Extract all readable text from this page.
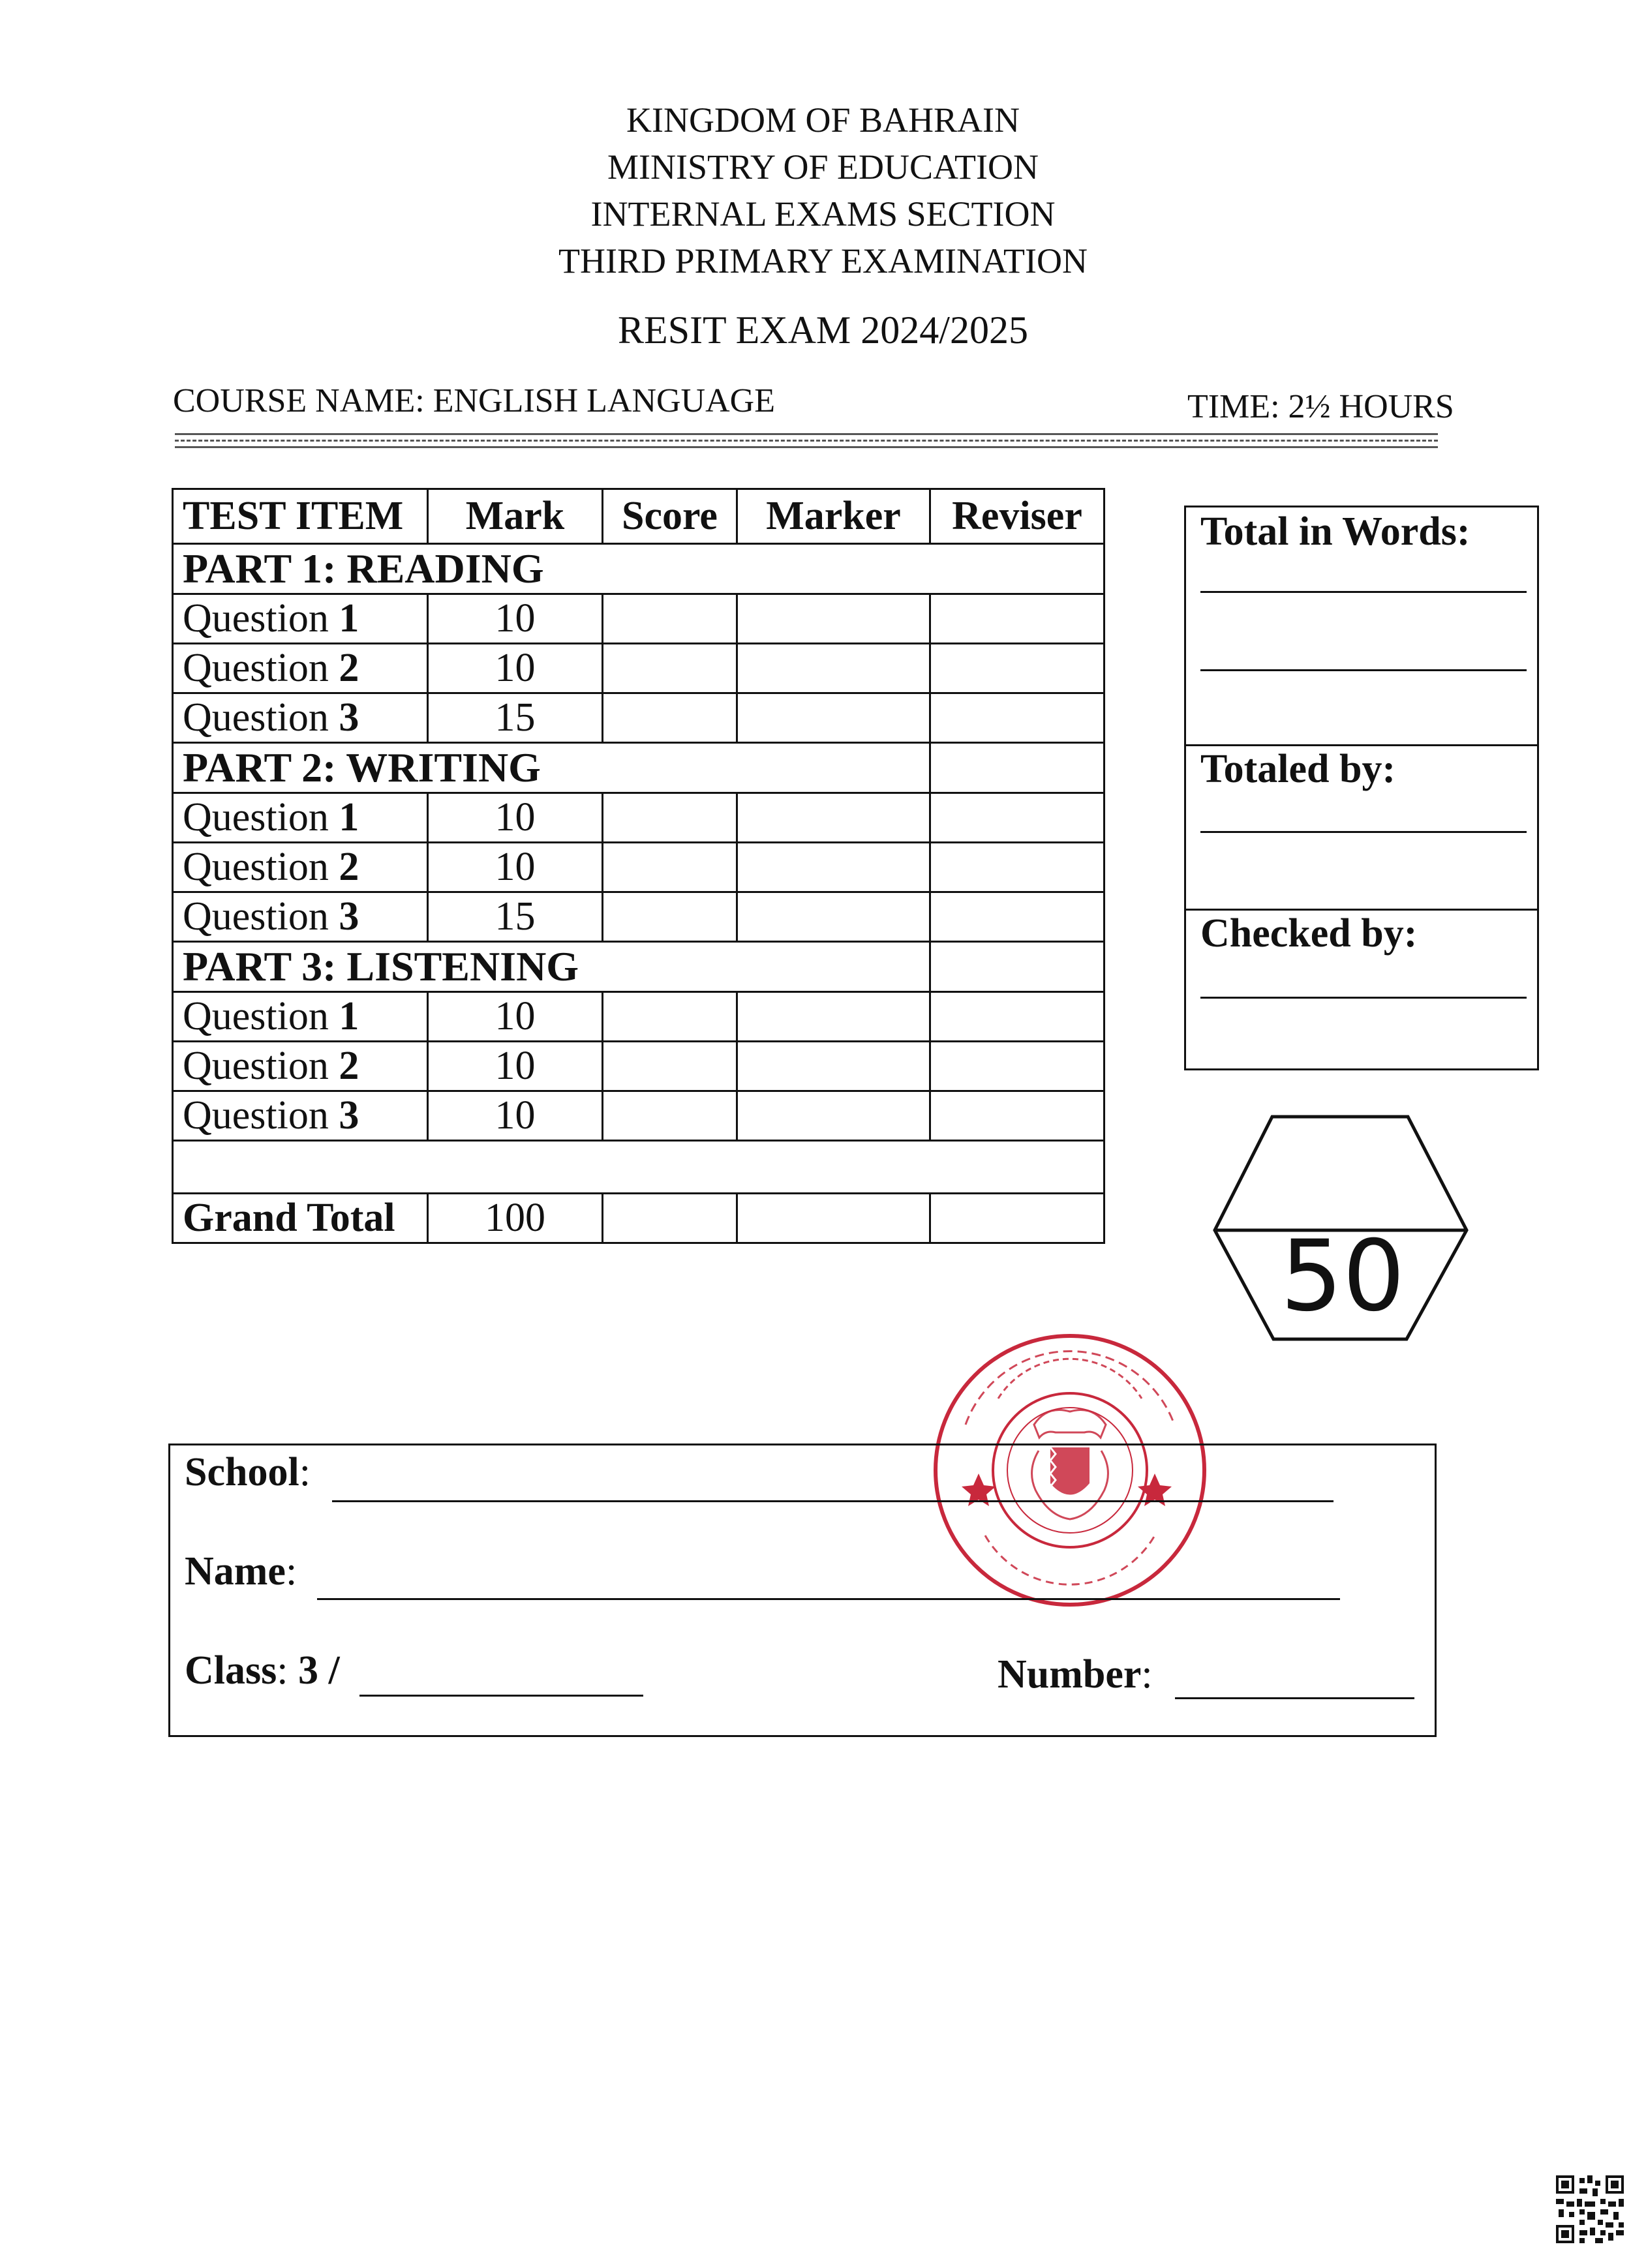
KINGDOM OF BAHRAIN
MINISTRY OF EDUCATION
INTERNAL EXAMS SECTION
THIRD PRIMARY EXAMINATION
RESIT EXAM 2024/2025
COURSE NAME: ENGLISH LANGUAGE	TIME: 2½ HOURS
TEST ITEM	Mark	Score	Marker	Reviser
PART 1: READING				
Question 1	10			
Question 2	10			
Question 3	15			
PART 2: WRITING				
Question 1	10			
Question 2	10			
Question 3	15			
PART 3: LISTENING				
Question 1	10			
Question 2	10			
Question 3	10			

Grand Total	100			
Total in Words:
Totaled by:
Checked by:
50
School:
Name:
Class: 3 /	Number:
